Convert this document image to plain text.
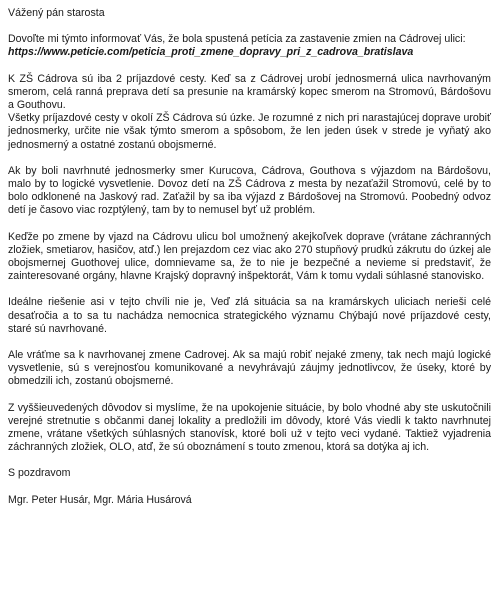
Vážený pán starosta
Dovoľte mi týmto informovať Vás, že bola spustená petícia za zastavenie zmien na Cádrovej ulici:
https://www.peticie.com/peticia_proti_zmene_dopravy_pri_z_cadrova_bratislava
K ZŠ Cádrova sú iba 2 príjazdové cesty. Keď sa z Cádrovej urobí jednosmerná ulica navrhovaným smerom, celá ranná preprava detí sa presunie na kramárský kopec smerom na Stromovú, Bárdošovu a Gouthovu.
Všetky príjazdové cesty v okolí ZŠ Cádrova sú úzke. Je rozumné z nich pri narastajúcej doprave urobiť jednosmerky, určite nie však týmto smerom a spôsobom, že len jeden úsek v strede je vyňatý ako jednosmerný a ostatné zostanú obojsmerné.
Ak by boli navrhnuté jednosmerky smer Kurucova, Cádrova, Gouthova s výjazdom na Bárdošovu, malo by to logické vysvetlenie. Dovoz detí na ZŠ Cádrova z mesta by nezaťažil Stromovú, celé by to bolo odklonené na Jaskový rad. Zaťažil by sa iba výjazd z Bárdošovej na Stromovú. Poobedný odvoz detí je časovo viac rozptýlený, tam by to nemusel byť už problém.
Keďže po zmene by vjazd na Cádrovu ulicu bol umožnený akejkoľvek doprave (vrátane záchranných zložiek, smetiarov, hasičov, atď.) len prejazdom cez viac ako 270 stupňový prudkú zákrutu do úzkej ale obojsmernej Guothovej ulice, domnievame sa, že to nie je bezpečné a nevieme si predstaviť, že zainteresované orgány, hlavne Krajský dopravný inšpektorát, Vám k tomu vydali súhlasné stanovisko.
Ideálne riešenie asi v tejto chvíli nie je, Veď zlá situácia sa na kramárskych uliciach nerieši celé desaťročia a to sa tu nachádza nemocnica strategického významu Chýbajú nové príjazdové cesty, staré sú navrhované.
Ale vráťme sa k navrhovanej zmene Cadrovej. Ak sa majú robiť nejaké zmeny, tak nech majú logické vysvetlenie, sú s verejnosťou komunikované a nevyhrávajú záujmy jednotlivcov, že úseky, ktoré by obmedzili ich, zostanú obojsmerné.
Z vyššieuvedených dôvodov si myslíme, že na upokojenie situácie, by bolo vhodné aby ste uskutočnili verejné stretnutie s občanmi danej lokality a predložili im dôvody, ktoré Vás viedli k takto navrhnutej zmene, vrátane všetkých súhlasných stanovísk, ktoré boli už v tejto veci vydané. Taktiež vyjadrenia záchranných zložiek, OLO, atď, že sú oboznámení s touto zmenou, ktorá sa dotýka aj ich.
S pozdravom
Mgr. Peter Husár, Mgr. Mária Husárová
